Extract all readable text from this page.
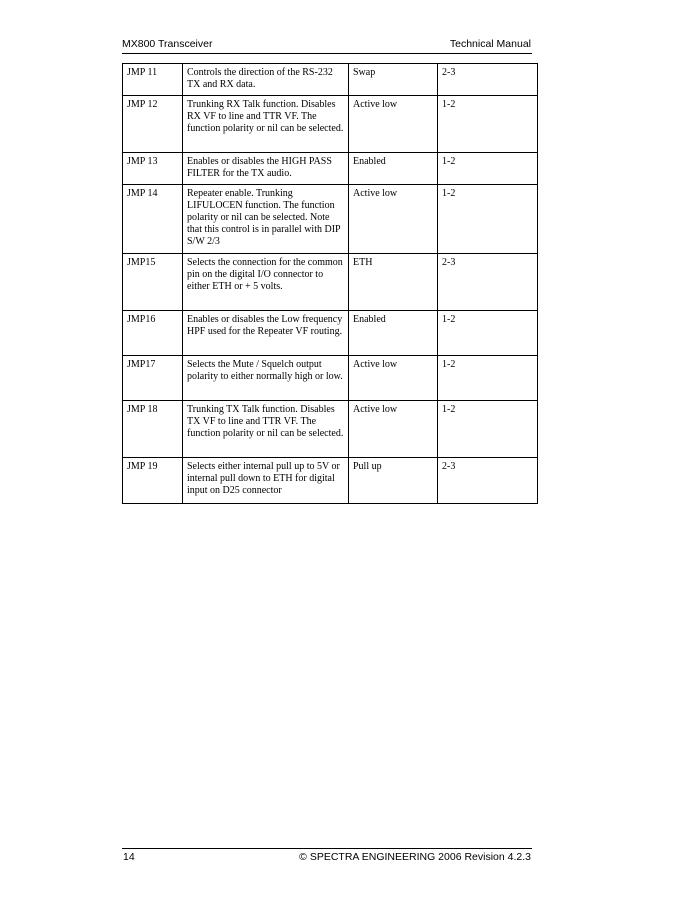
MX800 Transceiver	Technical Manual
JMP 11	Controls the direction of the RS-232 TX and RX data.	Swap	2-3
JMP 12	Trunking RX Talk function. Disables RX VF to line and TTR VF. The function polarity or nil can be selected.	Active low	1-2
JMP 13	Enables or disables the HIGH PASS FILTER for the TX audio.	Enabled	1-2
JMP 14	Repeater enable. Trunking LIFULOCEN function. The function polarity or nil can be selected. Note that this control is in parallel with DIP S/W 2/3	Active low	1-2
JMP15	Selects the connection for the common pin on the digital I/O connector to either ETH or + 5 volts.	ETH	2-3
JMP16	Enables or disables the Low frequency HPF used for the Repeater VF routing.	Enabled	1-2
JMP17	Selects the Mute / Squelch output polarity to either normally high or low.	Active low	1-2
JMP 18	Trunking TX Talk function. Disables TX VF to line and TTR VF. The function polarity or nil can be selected.	Active low	1-2
JMP 19	Selects either internal pull up to 5V or internal pull down to ETH for digital input on D25 connector	Pull up	2-3
14	© SPECTRA ENGINEERING 2006 Revision 4.2.3
